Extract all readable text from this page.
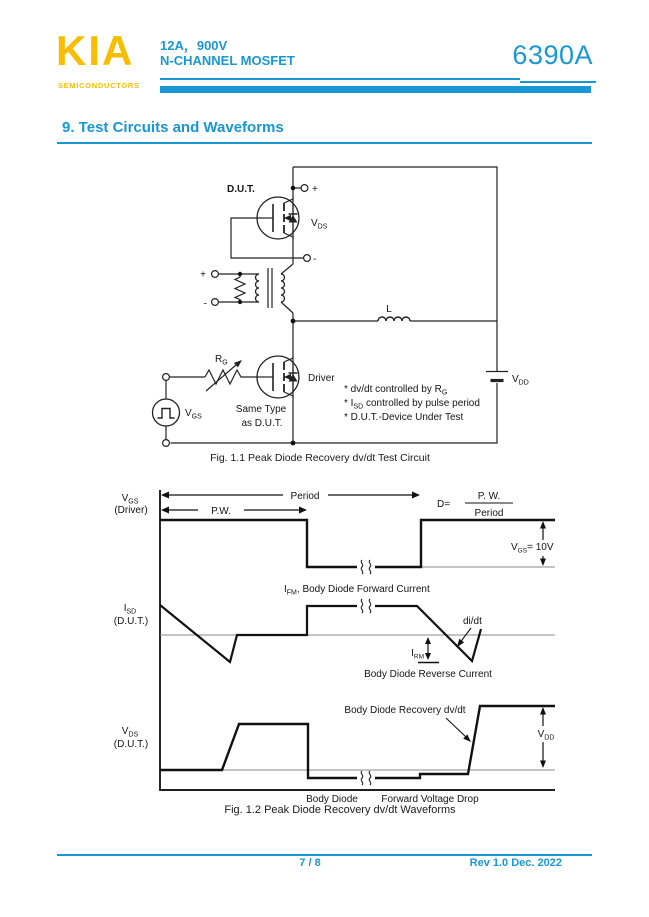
KIA
SEMICONDUCTORS
12A，900V
N-CHANNEL MOSFET	6390A
9. Test Circuits and Waveforms
D.U.T.	+
-
$V_{DS}$
+
-	L
$V_{DD}$
$R_G$
$V_{GS}$
Driver
Same Type
as D.U.T.
* dv/dt controlled by $R_G$
* $I_{SD}$ controlled by pulse period
* D.U.T.-Device Under Test
Fig. 1.1 Peak Diode Recovery dv/dt Test Circuit
Period
P.W.
D=
P. W.
Period
$V_{GS}= 10V$
$V_{GS}$
(Driver)
$I_{SD}$
(D.U.T.)
$V_{DS}$
(D.U.T.)
$I_{FM}$, Body Diode Forward Current
di/dt
$I_{RM}$
Body Diode Reverse Current
Body Diode Recovery dv/dt
$V_{DD}$
Body Diode Forward Voltage Drop
Fig. 1.2 Peak Diode Recovery dv/dt Waveforms
7 / 8	Rev 1.0 Dec. 2022
